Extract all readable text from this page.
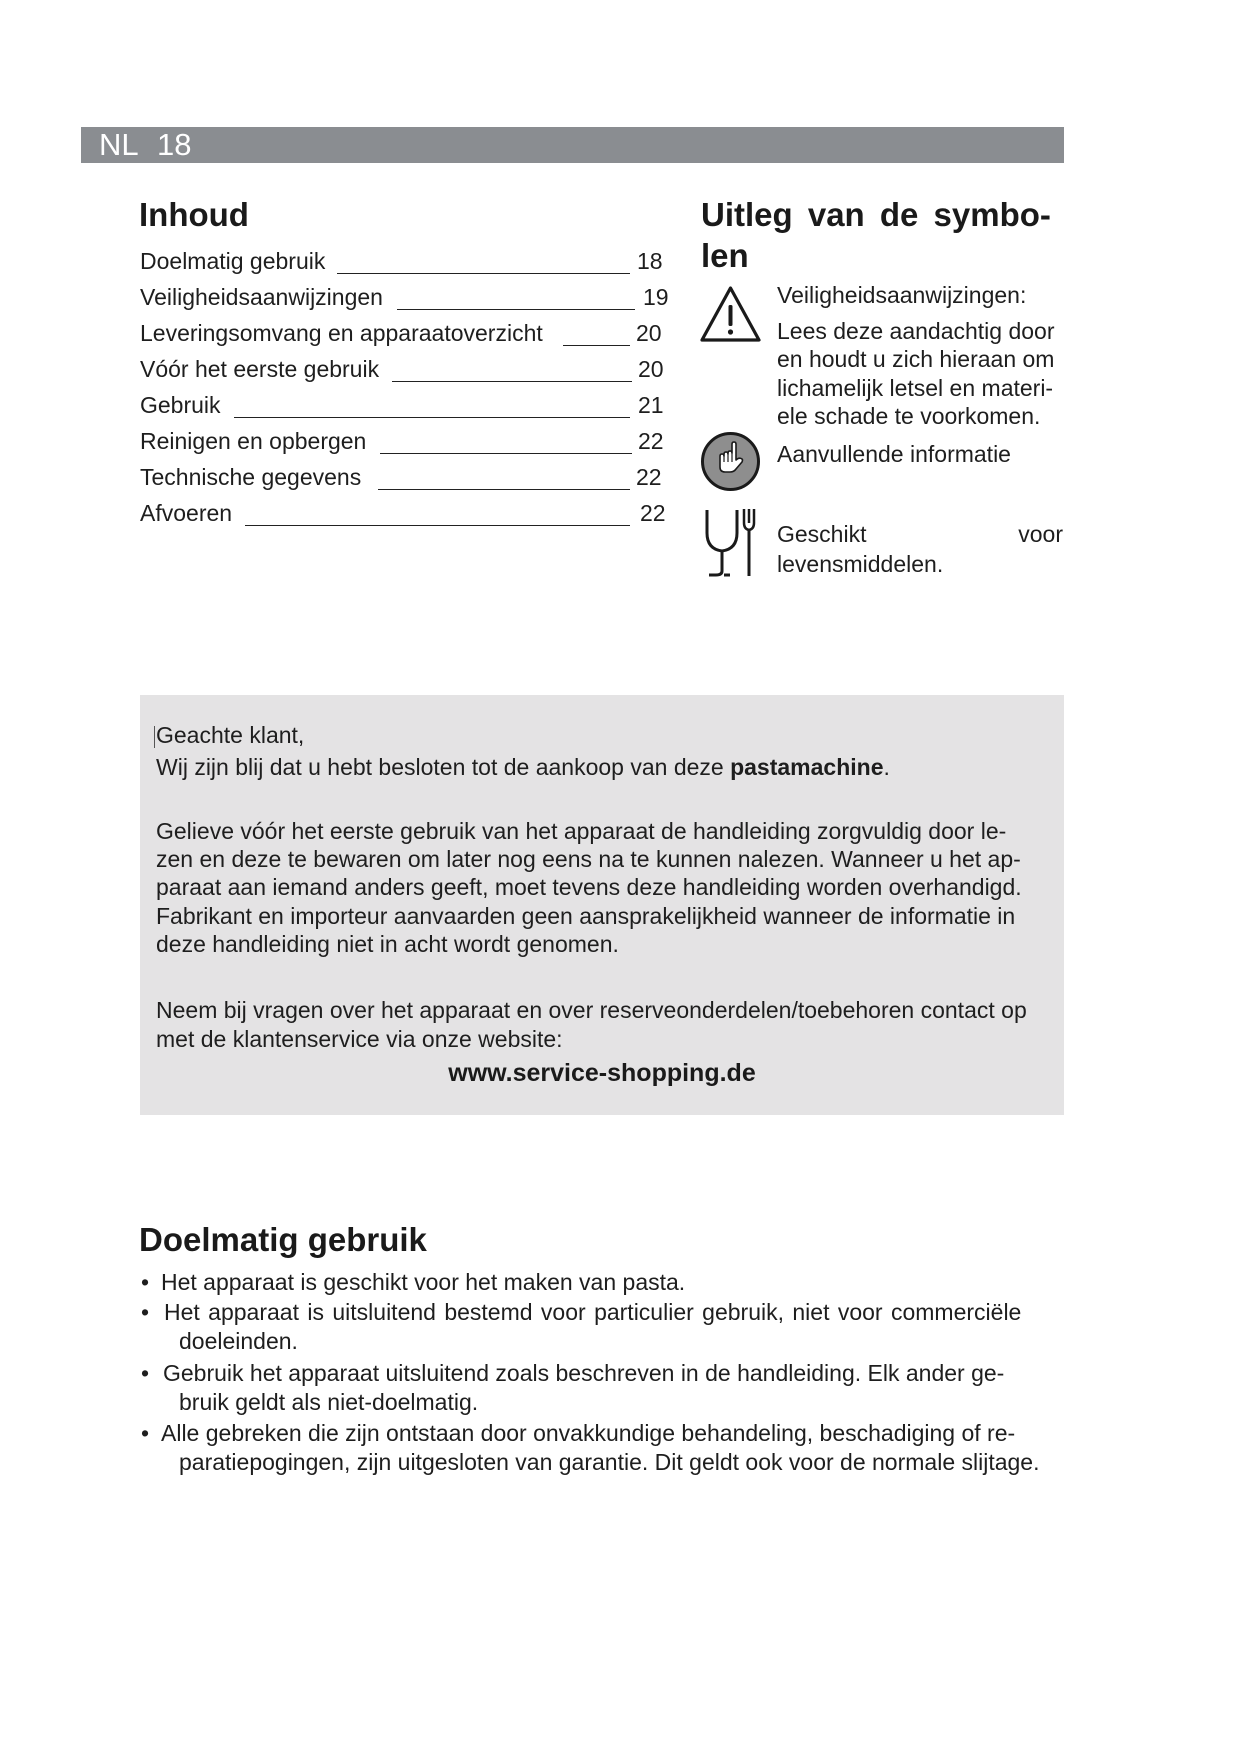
NL 18
Inhoud
Doelmatig gebruik	18
Veiligheidsaanwijzingen	19
Leveringsomvang en apparaatoverzicht	20
Vóór het eerste gebruik	20
Gebruik	21
Reinigen en opbergen	22
Technische gegevens	22
Afvoeren	22
Uitleg van de symbo-
len
Veiligheidsaanwijzingen:
Lees deze aandachtig door
en houdt u zich hieraan om
lichamelijk letsel en materi-
ele schade te voorkomen.
Aanvullende informatie
Geschikt	voor
levensmiddelen.
Geachte klant,
Wij zijn blij dat u hebt besloten tot de aankoop van deze pastamachine.
Gelieve vóór het eerste gebruik van het apparaat de handleiding zorgvuldig door le-
zen en deze te bewaren om later nog eens na te kunnen nalezen. Wanneer u het ap-
paraat aan iemand anders geeft, moet tevens deze handleiding worden overhandigd.
Fabrikant en importeur aanvaarden geen aansprakelijkheid wanneer de informatie in
deze handleiding niet in acht wordt genomen.
Neem bij vragen over het apparaat en over reserveonderdelen/toebehoren contact op
met de klantenservice via onze website:
www.service-shopping.de
Doelmatig gebruik
• Het apparaat is geschikt voor het maken van pasta.
• Het apparaat is uitsluitend bestemd voor particulier gebruik, niet voor commerciële
doeleinden.
• Gebruik het apparaat uitsluitend zoals beschreven in de handleiding. Elk ander ge-
bruik geldt als niet-doelmatig.
• Alle gebreken die zijn ontstaan door onvakkundige behandeling, beschadiging of re-
paratiepogingen, zijn uitgesloten van garantie. Dit geldt ook voor de normale slijtage.
